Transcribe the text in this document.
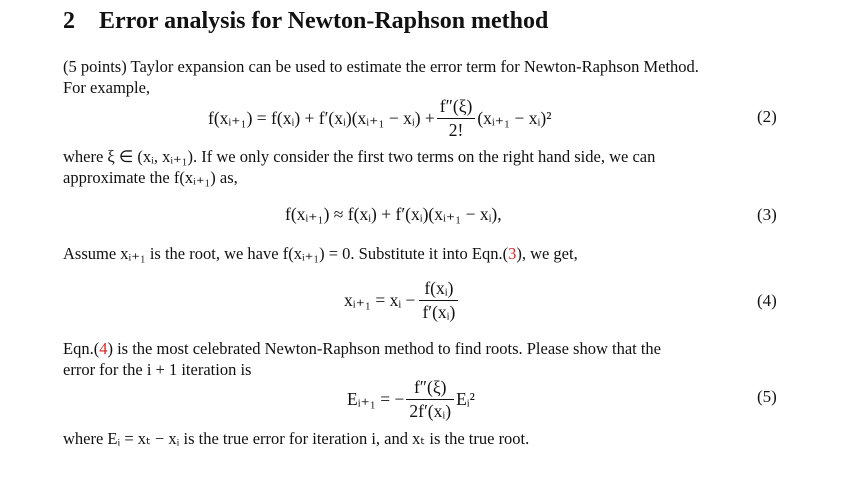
2 Error analysis for Newton-Raphson method
(5 points) Taylor expansion can be used to estimate the error term for Newton-Raphson Method.
For example,
f(xᵢ₊₁) = f(xᵢ) + f′(xᵢ)(xᵢ₊₁ − xᵢ) + $\frac{f''(\xi)}{2!}$ (xᵢ₊₁ − xᵢ)²	(2)
where ξ ∈ (xᵢ, xᵢ₊₁). If we only consider the first two terms on the right hand side, we can
approximate the f(xᵢ₊₁) as,
f(xᵢ₊₁) ≈ f(xᵢ) + f′(xᵢ)(xᵢ₊₁ − xᵢ),	(3)
Assume xᵢ₊₁ is the root, we have f(xᵢ₊₁) = 0. Substitute it into Eqn.(3), we get,
xᵢ₊₁ = xᵢ − $\frac{\text{f(xᵢ)}}{\text{f′(xᵢ)}}$	(4)
Eqn.(4) is the most celebrated Newton-Raphson method to find roots. Please show that the
error for the i + 1 iteration is
Eᵢ₊₁ = − $\frac{f''(\xi)}{\text{2f′(xᵢ)}}$ Eᵢ²	(5)
where Eᵢ = xₜ − xᵢ is the true error for iteration i, and xₜ is the true root.
